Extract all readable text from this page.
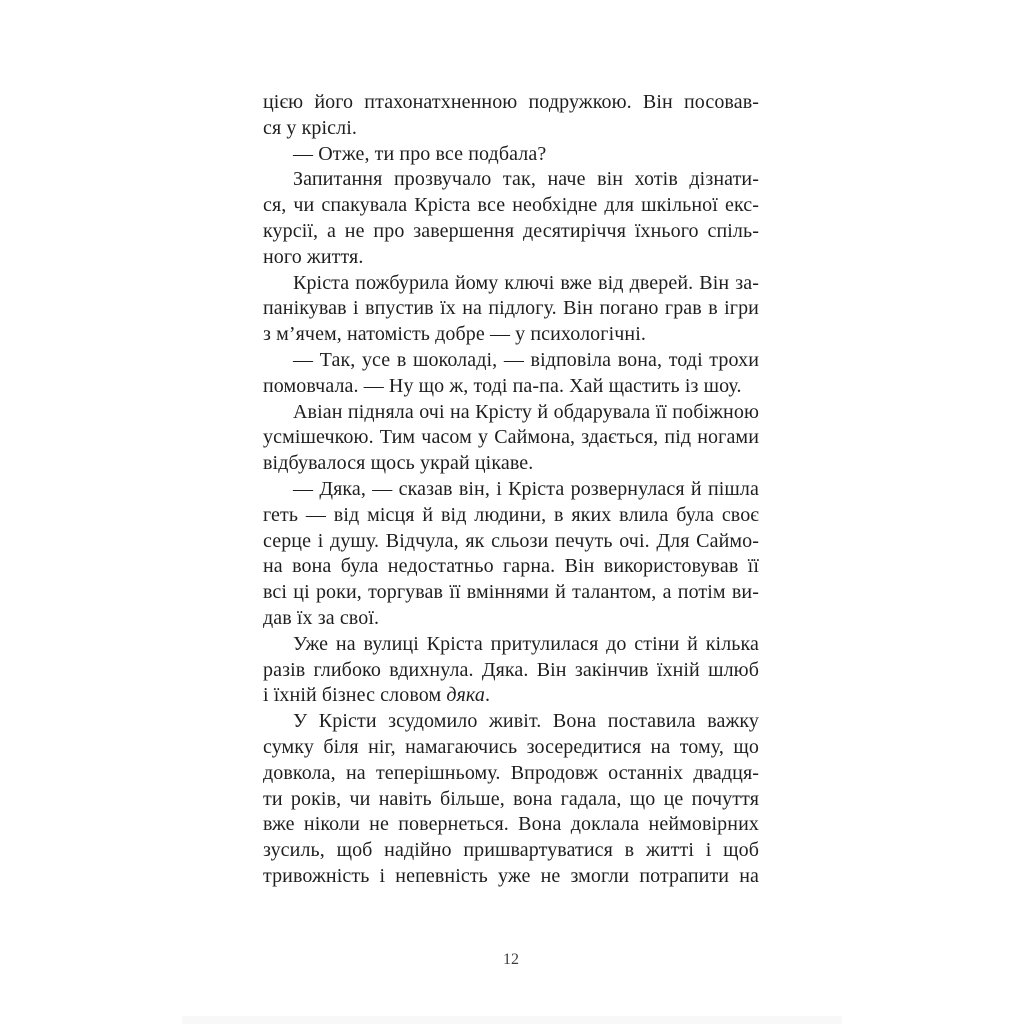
цією його птахонатхненною подружкою. Він посовав-
ся у кріслі.
— Отже, ти про все подбала?
Запитання прозвучало так, наче він хотів дізнати-
ся, чи спакувала Кріста все необхідне для шкільної екс-
курсії, а не про завершення десятиріччя їхнього спіль-
ного життя.
Кріста пожбурила йому ключі вже від дверей. Він за-
панікував і впустив їх на підлогу. Він погано грав в ігри
з м’ячем, натомість добре — у психологічні.
— Так, усе в шоколаді, — відповіла вона, тоді трохи
помовчала. — Ну що ж, тоді па-па. Хай щастить із шоу.
Авіан підняла очі на Крісту й обдарувала її побіжною
усмішечкою. Тим часом у Саймона, здається, під ногами
відбувалося щось украй цікаве.
— Дяка, — сказав він, і Кріста розвернулася й пішла
геть — від місця й від людини, в яких влила була своє
серце і душу. Відчула, як сльози печуть очі. Для Саймо-
на вона була недостатньо гарна. Він використовував її
всі ці роки, торгував її вміннями й талантом, а потім ви-
дав їх за свої.
Уже на вулиці Кріста притулилася до стіни й кілька
разів глибоко вдихнула. Дяка. Він закінчив їхній шлюб
і їхній бізнес словом дяка.
У Крісти зсудомило живіт. Вона поставила важку
сумку біля ніг, намагаючись зосередитися на тому, що
довкола, на теперішньому. Впродовж останніх двадця-
ти років, чи навіть більше, вона гадала, що це почуття
вже ніколи не повернеться. Вона доклала неймовірних
зусиль, щоб надійно пришвартуватися в житті і щоб
тривожність і непевність уже не змогли потрапити на
12
